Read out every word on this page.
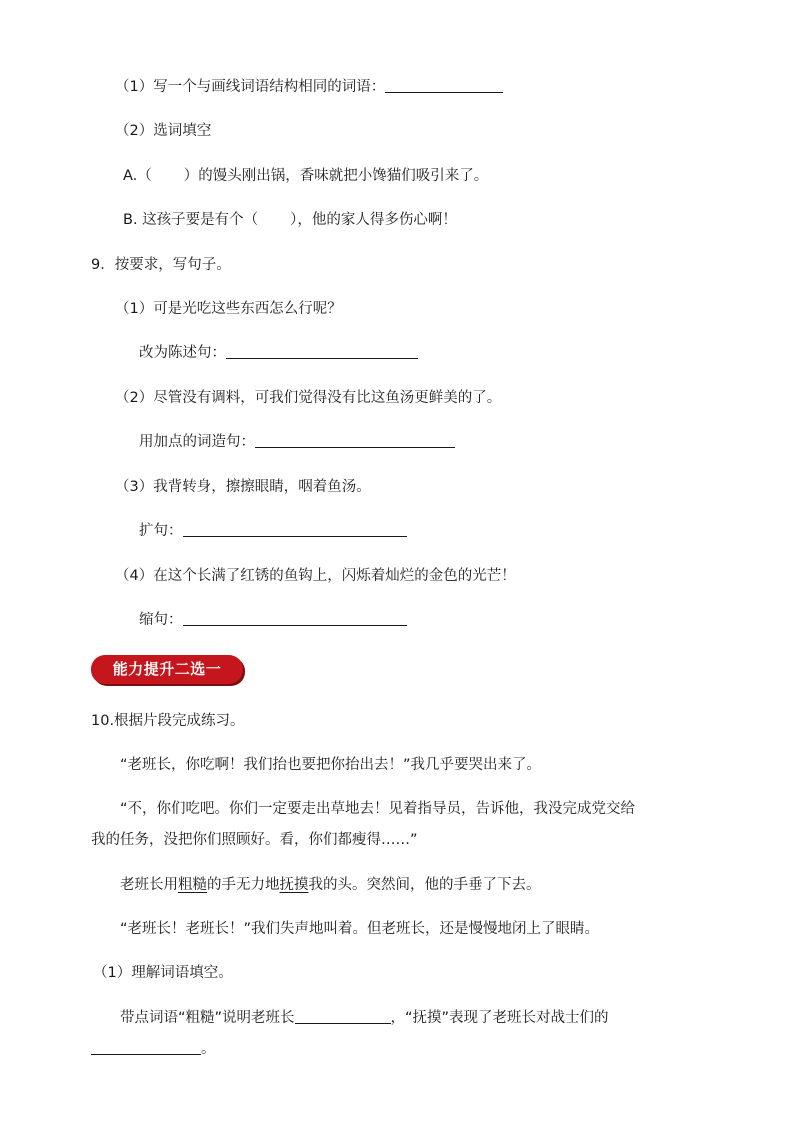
（1）写一个与画线词语结构相同的词语：
（2）选词填空
A.（ ）的馒头刚出锅，香味就把小馋猫们吸引来了。
B. 这孩子要是有个（ ），他的家人得多伤心啊！
9．按要求，写句子。
（1）可是光吃这些东西怎么行呢？
改为陈述句：
（2）尽管没有调料，可我们觉得没有比这鱼汤更鲜美的了。
用加点的词造句：
（3）我背转身，擦擦眼睛，咽着鱼汤。
扩句：
（4）在这个长满了红锈的鱼钩上，闪烁着灿烂的金色的光芒！
缩句：
能力提升二选一
10.根据片段完成练习。
“老班长，你吃啊！我们抬也要把你抬出去！”我几乎要哭出来了。
“不，你们吃吧。你们一定要走出草地去！见着指导员，告诉他，我没完成党交给
我的任务，没把你们照顾好。看，你们都瘦得……”
老班长用粗糙的手无力地抚摸我的头。突然间，他的手垂了下去。
“老班长！老班长！”我们失声地叫着。但老班长，还是慢慢地闭上了眼睛。
（1）理解词语填空。
带点词语“粗糙”说明老班长	，“抚摸”表现了老班长对战士们的
。
